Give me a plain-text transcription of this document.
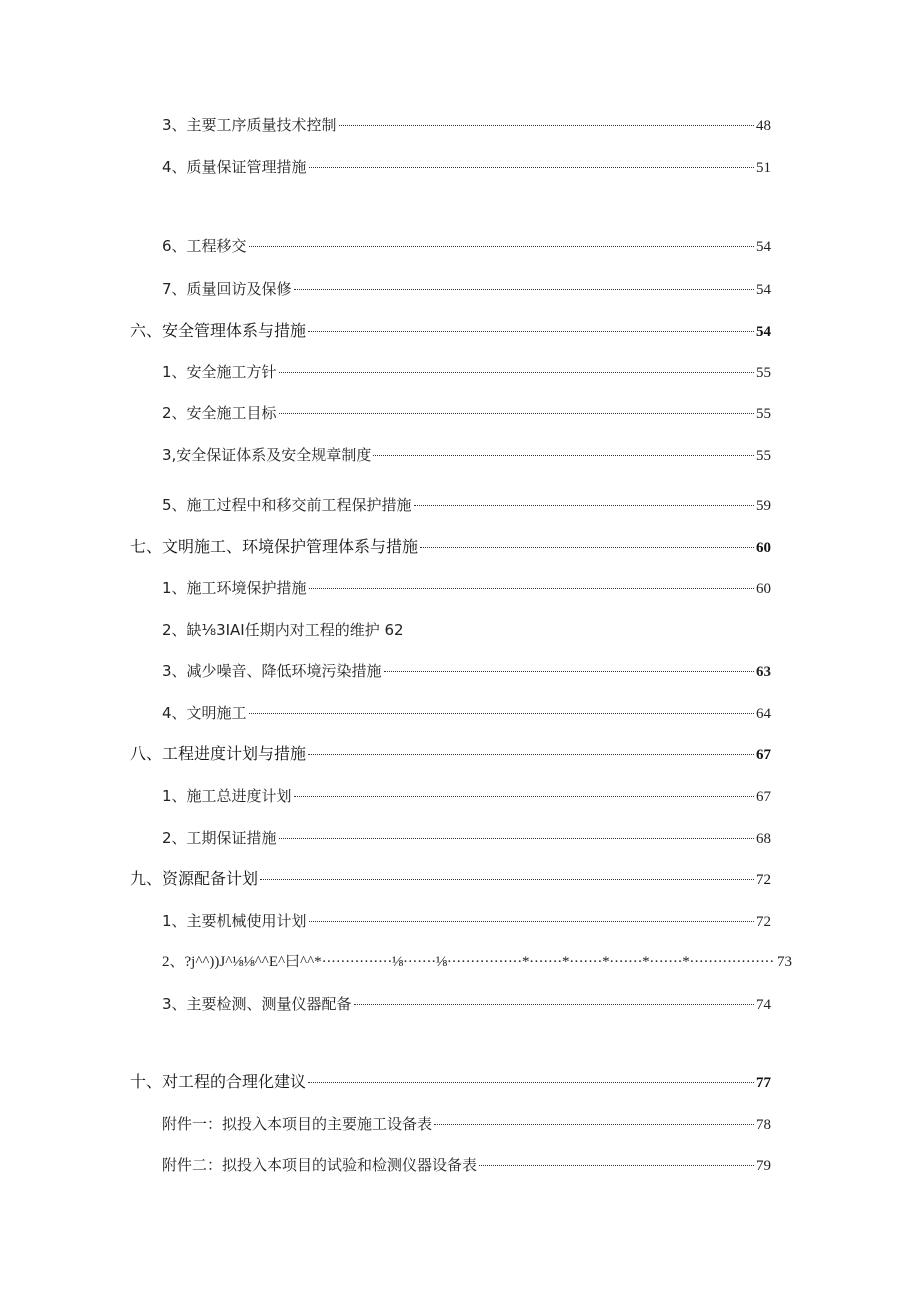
3、主要工序质量技术控制	48
4、质量保证管理措施	51
6、工程移交	54
7、质量回访及保修	54
六、安全管理体系与措施	54
1、安全施工方针	55
2、安全施工目标	55
3,安全保证体系及安全规章制度	55
5、施工过程中和移交前工程保护措施	59
七、文明施工、环境保护管理体系与措施	60
1、施工环境保护措施	60
2、缺⅛3IAI任期内对工程的维护 62
3、减少噪音、降低环境污染措施	63
4、文明施工	64
八、工程进度计划与措施	67
1、施工总进度计划	67
2、工期保证措施	68
九、资源配备计划	72
1、主要机械使用计划	72
2、?j^^))J^⅛⅛^^E^曰^^* ···············⅛·······⅛················*·······*·······*·······*·······*·················· 73
3、主要检测、测量仪器配备	74
十、对工程的合理化建议	77
附件一：拟投入本项目的主要施工设备表	78
附件二：拟投入本项目的试验和检测仪器设备表	79
